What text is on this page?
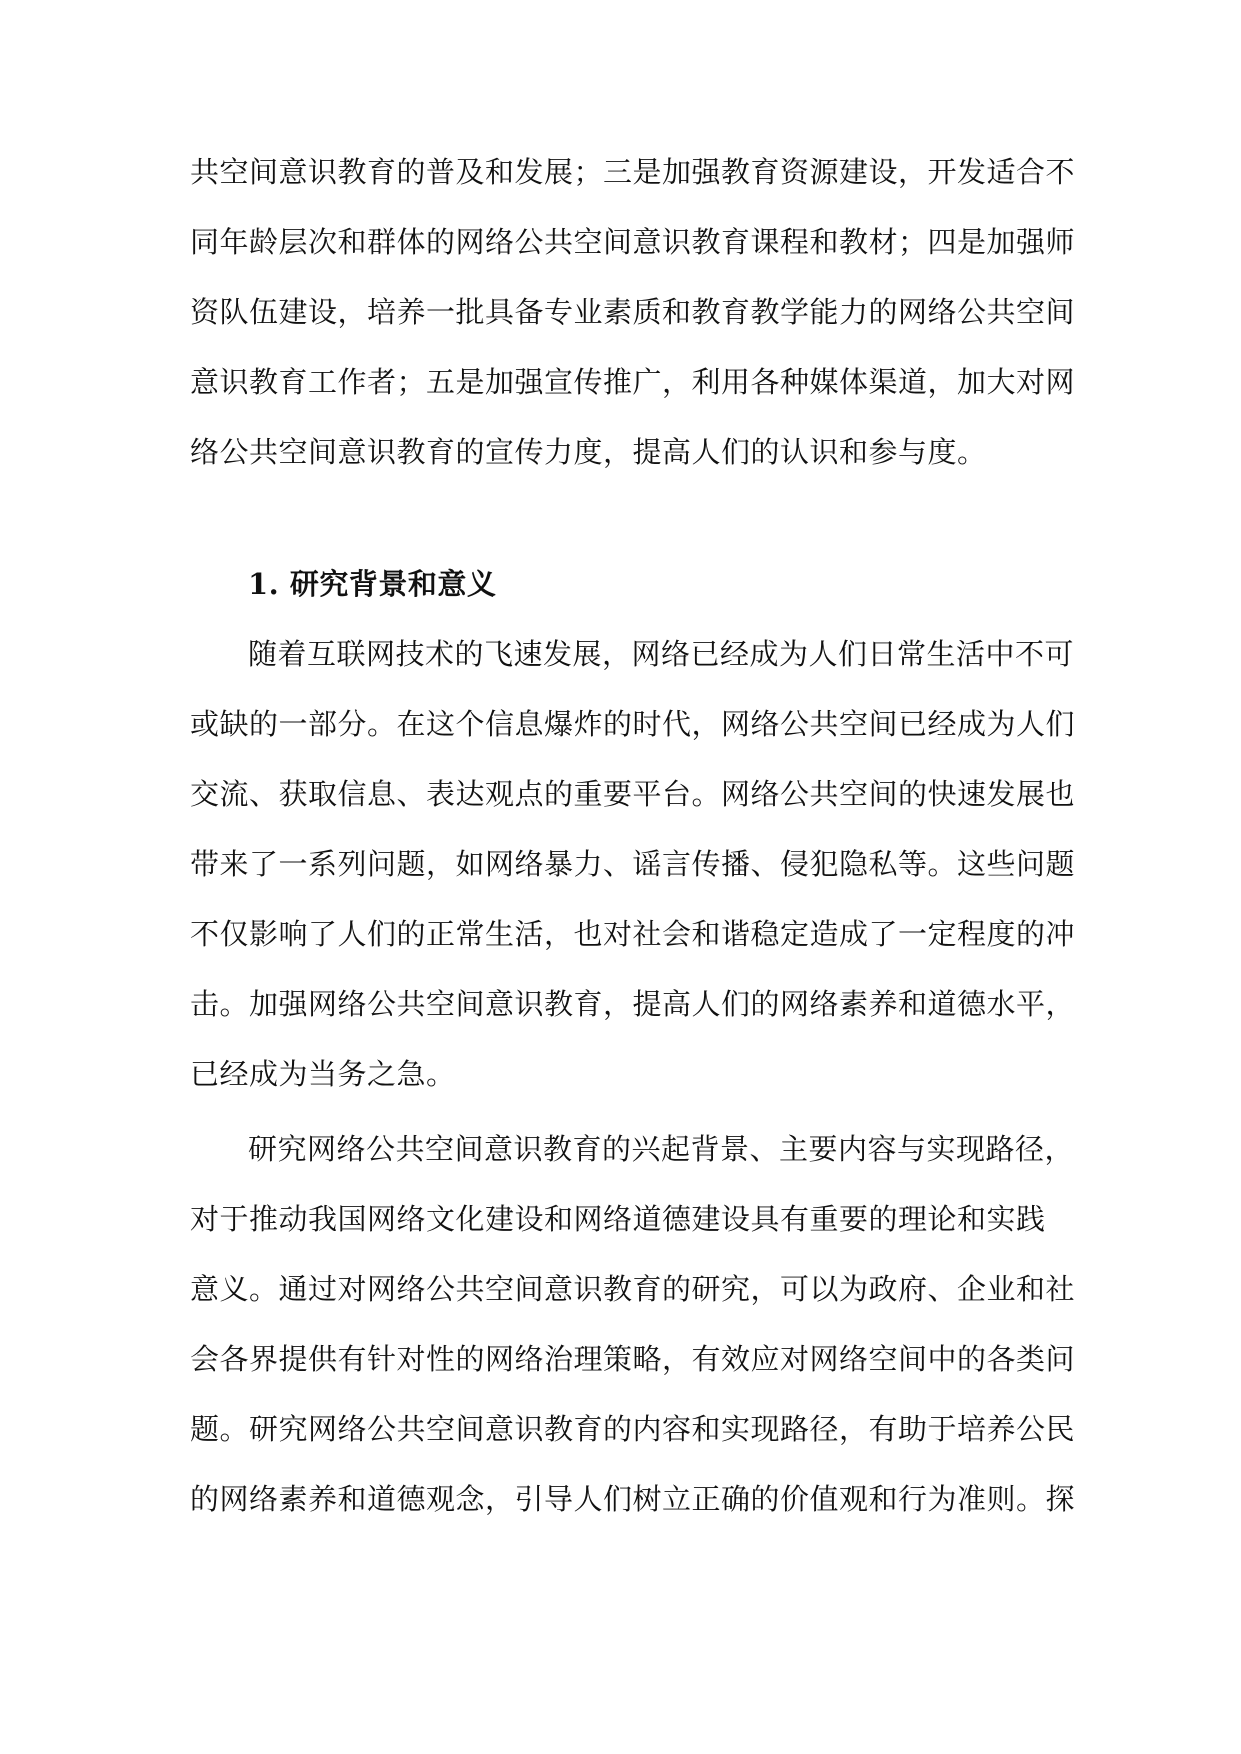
共空间意识教育的普及和发展；三是加强教育资源建设，开发适合不
同年龄层次和群体的网络公共空间意识教育课程和教材；四是加强师
资队伍建设，培养一批具备专业素质和教育教学能力的网络公共空间
意识教育工作者；五是加强宣传推广，利用各种媒体渠道，加大对网
络公共空间意识教育的宣传力度，提高人们的认识和参与度。
1. 研究背景和意义
随着互联网技术的飞速发展，网络已经成为人们日常生活中不可
或缺的一部分。在这个信息爆炸的时代，网络公共空间已经成为人们
交流、获取信息、表达观点的重要平台。网络公共空间的快速发展也
带来了一系列问题，如网络暴力、谣言传播、侵犯隐私等。这些问题
不仅影响了人们的正常生活，也对社会和谐稳定造成了一定程度的冲
击。加强网络公共空间意识教育，提高人们的网络素养和道德水平，
已经成为当务之急。
研究网络公共空间意识教育的兴起背景、主要内容与实现路径，
对于推动我国网络文化建设和网络道德建设具有重要的理论和实践
意义。通过对网络公共空间意识教育的研究，可以为政府、企业和社
会各界提供有针对性的网络治理策略，有效应对网络空间中的各类问
题。研究网络公共空间意识教育的内容和实现路径，有助于培养公民
的网络素养和道德观念，引导人们树立正确的价值观和行为准则。探
